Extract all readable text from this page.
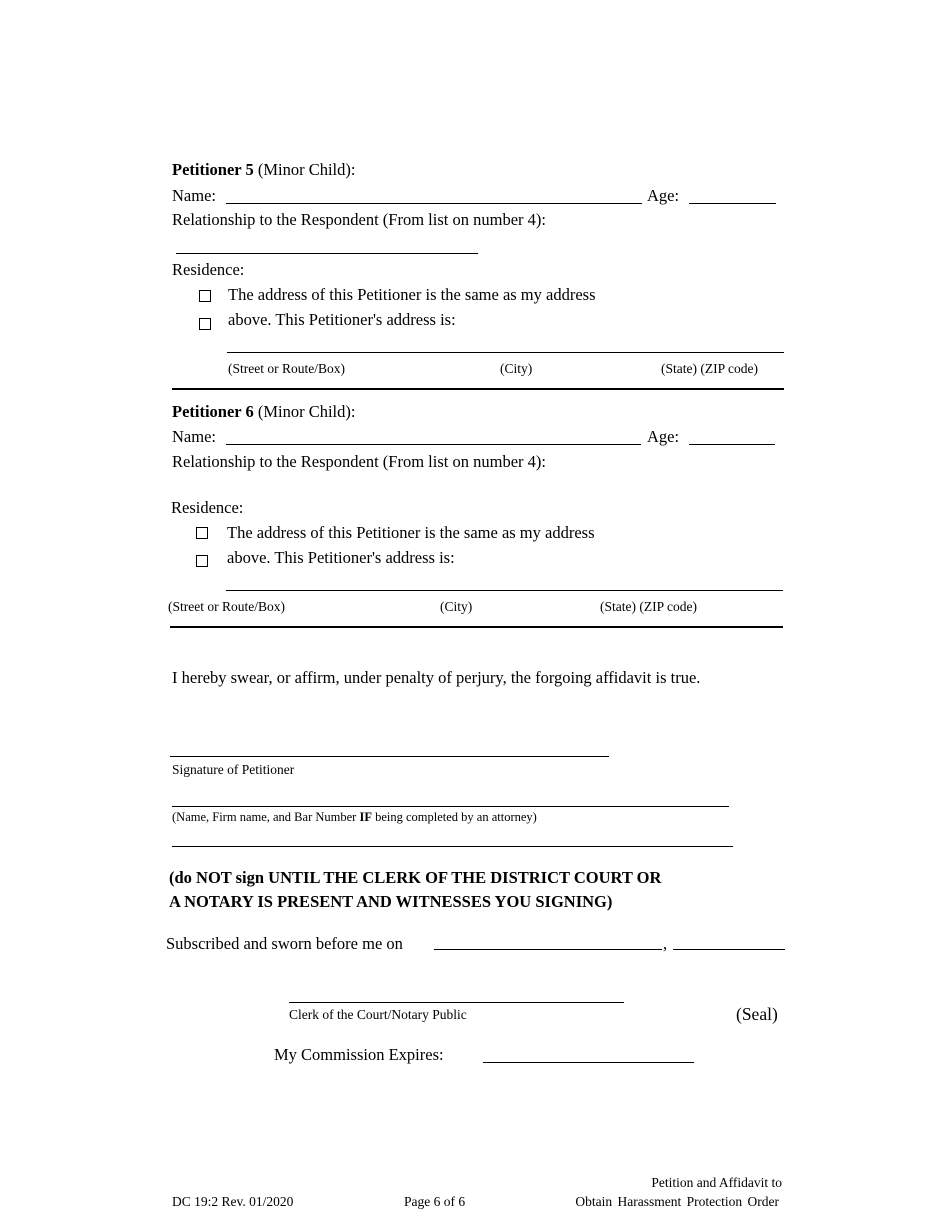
Petitioner 5 (Minor Child):
Name:	Age:
Relationship to the Respondent (From list on number 4):
Residence:
The address of this Petitioner is the same as my address
above. This Petitioner's address is:
(Street or Route/Box)	(City)	(State) (ZIP code)
Petitioner 6 (Minor Child):
Name:	Age:
Relationship to the Respondent (From list on number 4):
Residence:
The address of this Petitioner is the same as my address
above. This Petitioner's address is:
(Street or Route/Box)	(City)	(State) (ZIP code)
I hereby swear, or affirm, under penalty of perjury, the forgoing affidavit is true.
Signature of Petitioner
(Name, Firm name, and Bar Number IF being completed by an attorney)
(do NOT sign UNTIL THE CLERK OF THE DISTRICT COURT OR
A NOTARY IS PRESENT AND WITNESSES YOU SIGNING)
Subscribed and sworn before me on	,
Clerk of the Court/Notary Public	(Seal)
My Commission Expires:
DC 19:2 Rev. 01/2020	Page 6 of 6
Petition and Affidavit to
Obtain Harassment Protection Order
